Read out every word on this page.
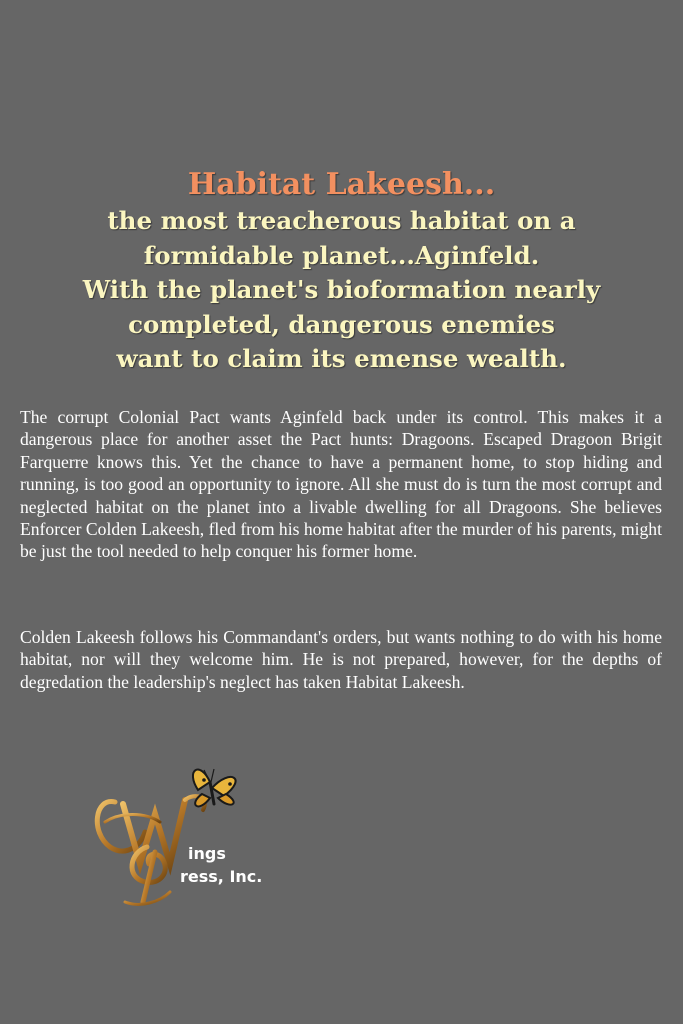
Habitat Lakeesh...

the most treacherous habitat on a

formidable planet...Aginfeld.

With the planet's bioformation nearly

completed, dangerous enemies

want to claim its emense wealth.

The corrupt Colonial Pact wants Aginfeld back under its control. This makes it a dangerous place for another asset the Pact hunts: Dragoons. Escaped Dragoon Brigit Farquerre knows this. Yet the chance to have a permanent home, to stop hiding and running, is too good an opportunity to ignore. All she must do is turn the most corrupt and neglected habitat on the planet into a livable dwelling for all Dragoons. She believes Enforcer Colden Lakeesh, fled from his home habitat after the murder of his parents, might be just the tool needed to help conquer his former home.

Colden Lakeesh follows his Commandant's orders, but wants nothing to do with his home habitat, nor will they welcome him. He is not prepared, however, for the depths of degredation the leadership's neglect has taken Habitat Lakeesh.

ings
ress, Inc.
